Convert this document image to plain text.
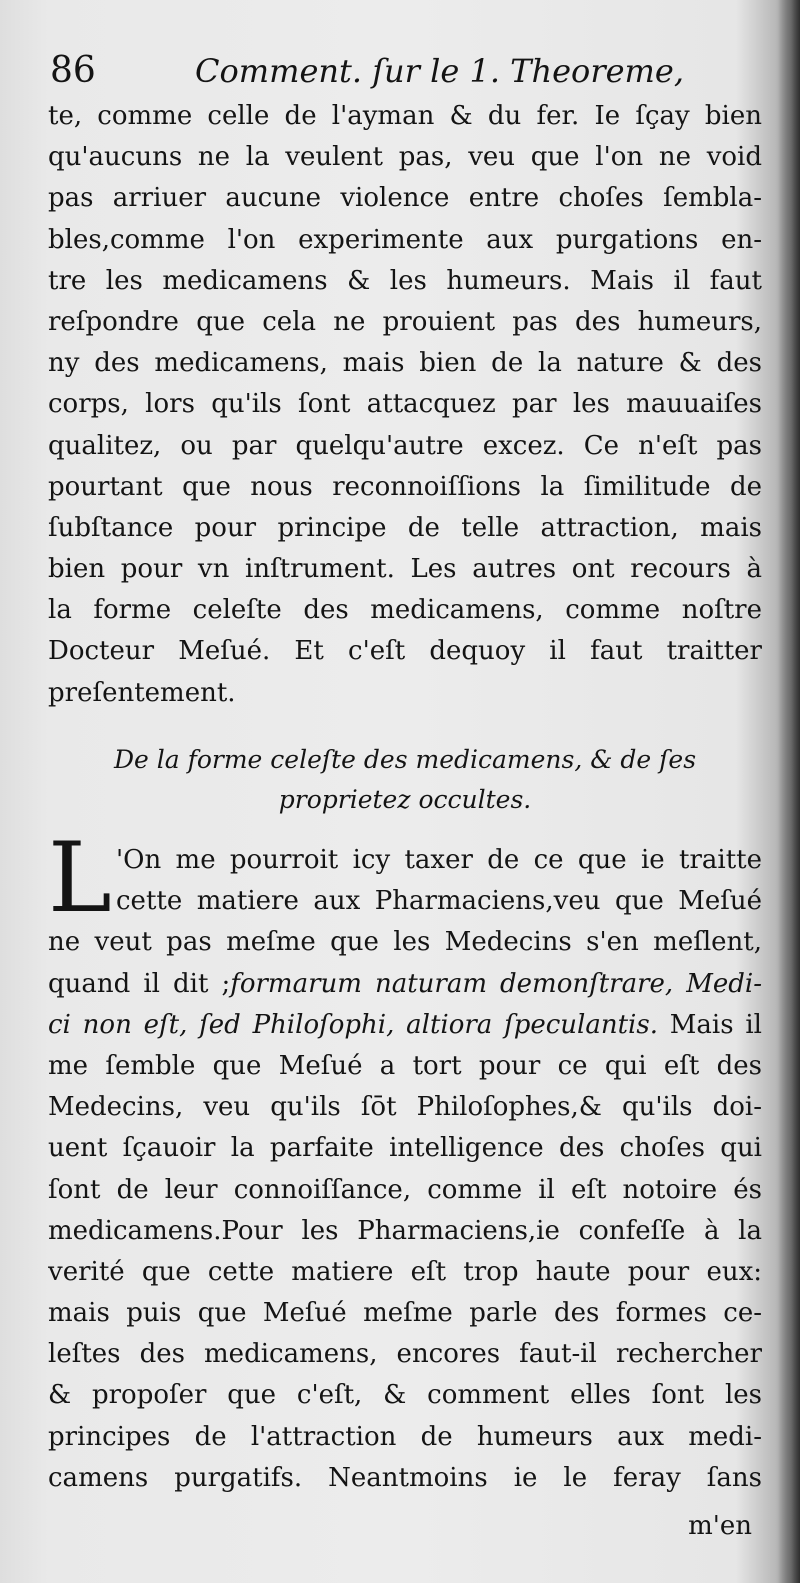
86	Comment. ſur le 1. Theoreme,
te, comme celle de l'ayman & du fer. Ie ſçay bien
qu'aucuns ne la veulent pas, veu que l'on ne void
pas arriuer aucune violence entre choſes ſembla-
bles,comme l'on experimente aux purgations en-
tre les medicamens & les humeurs. Mais il faut
reſpondre que cela ne prouient pas des humeurs,
ny des medicamens, mais bien de la nature & des
corps, lors qu'ils ſont attacquez par les mauuaiſes
qualitez, ou par quelqu'autre excez. Ce n'eſt pas
pourtant que nous reconnoiſſions la ſimilitude de
ſubſtance pour principe de telle attraction, mais
bien pour vn inſtrument. Les autres ont recours à
la forme celeſte des medicamens, comme noſtre
Docteur Meſué. Et c'eſt dequoy il faut traitter
preſentement.
De la forme celeſte des medicamens, & de ſes
proprietez occultes.
L 'On me pourroit icy taxer de ce que ie traitte
cette matiere aux Pharmaciens,veu que Meſué
ne veut pas meſme que les Medecins s'en meſlent,
quand il dit ;formarum naturam demonſtrare, Medi-
ci non eſt, ſed Philoſophi, altiora ſpeculantis. Mais il
me ſemble que Meſué a tort pour ce qui eſt des
Medecins, veu qu'ils ſōt Philoſophes,& qu'ils doi-
uent ſçauoir la parfaite intelligence des choſes qui
ſont de leur connoiſſance, comme il eſt notoire és
medicamens.Pour les Pharmaciens,ie confeſſe à la
verité que cette matiere eſt trop haute pour eux:
mais puis que Meſué meſme parle des formes ce-
leſtes des medicamens, encores faut-il rechercher
& propoſer que c'eſt, & comment elles ſont les
principes de l'attraction de humeurs aux medi-
camens purgatifs. Neantmoins ie le feray ſans
m'en
